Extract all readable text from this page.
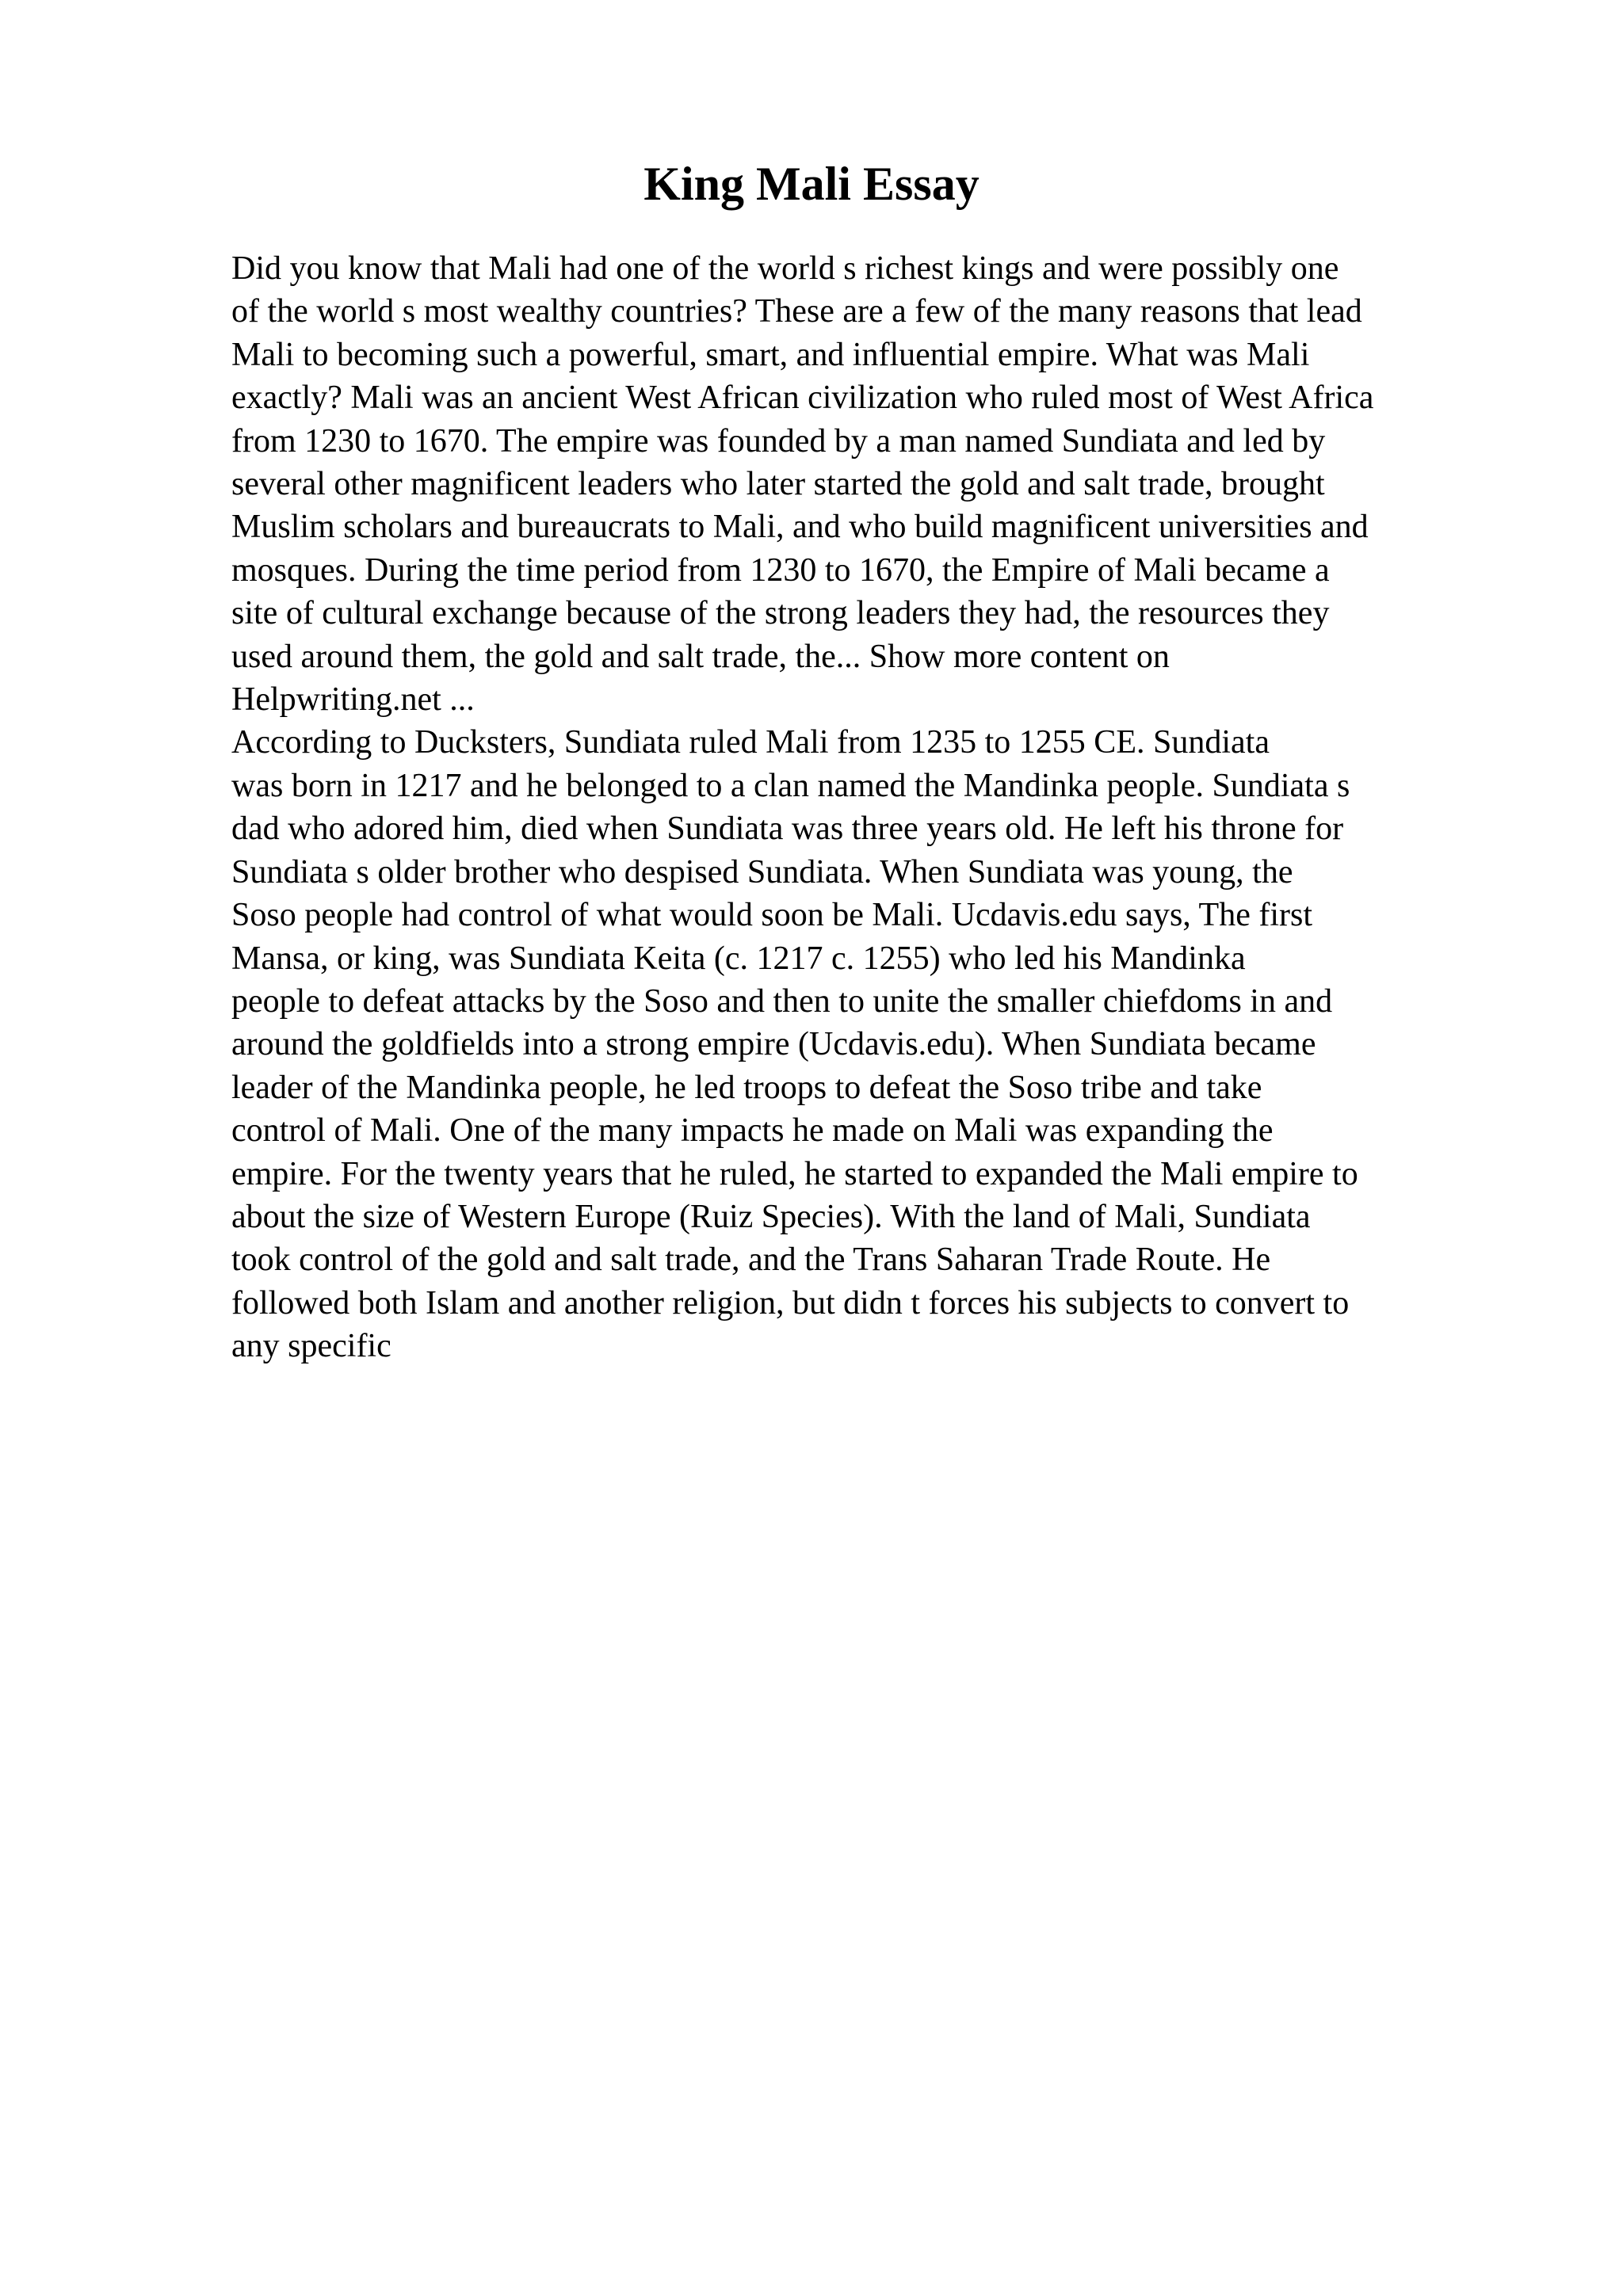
King Mali Essay
Did you know that Mali had one of the world s richest kings and were possibly one
of the world s most wealthy countries? These are a few of the many reasons that lead
Mali to becoming such a powerful, smart, and influential empire. What was Mali
exactly? Mali was an ancient West African civilization who ruled most of West Africa
from 1230 to 1670. The empire was founded by a man named Sundiata and led by
several other magnificent leaders who later started the gold and salt trade, brought
Muslim scholars and bureaucrats to Mali, and who build magnificent universities and
mosques. During the time period from 1230 to 1670, the Empire of Mali became a
site of cultural exchange because of the strong leaders they had, the resources they
used around them, the gold and salt trade, the... Show more content on
Helpwriting.net ...
According to Ducksters, Sundiata ruled Mali from 1235 to 1255 CE. Sundiata
was born in 1217 and he belonged to a clan named the Mandinka people. Sundiata s
dad who adored him, died when Sundiata was three years old. He left his throne for
Sundiata s older brother who despised Sundiata. When Sundiata was young, the
Soso people had control of what would soon be Mali. Ucdavis.edu says, The first
Mansa, or king, was Sundiata Keita (c. 1217 c. 1255) who led his Mandinka
people to defeat attacks by the Soso and then to unite the smaller chiefdoms in and
around the goldfields into a strong empire (Ucdavis.edu). When Sundiata became
leader of the Mandinka people, he led troops to defeat the Soso tribe and take
control of Mali. One of the many impacts he made on Mali was expanding the
empire. For the twenty years that he ruled, he started to expanded the Mali empire to
about the size of Western Europe (Ruiz Species). With the land of Mali, Sundiata
took control of the gold and salt trade, and the Trans Saharan Trade Route. He
followed both Islam and another religion, but didn t forces his subjects to convert to
any specific
